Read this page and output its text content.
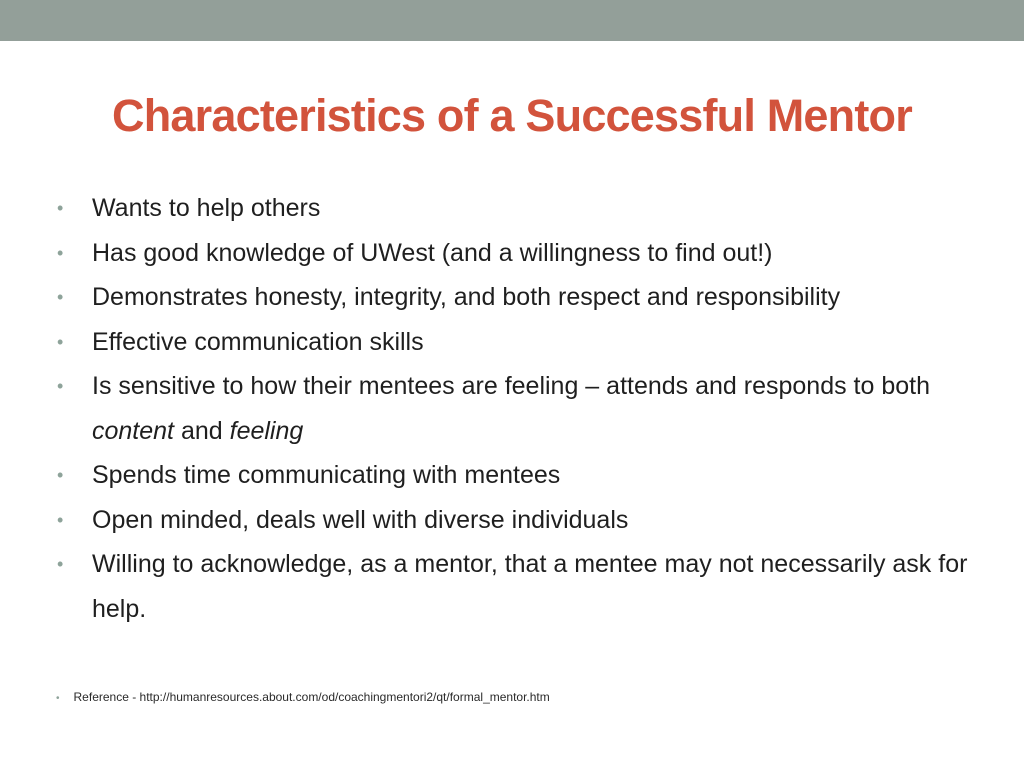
Characteristics of a Successful Mentor
• Wants to help others
• Has good knowledge of UWest (and a willingness to find out!)
• Demonstrates honesty, integrity, and both respect and responsibility
• Effective communication skills
• Is sensitive to how their mentees are feeling – attends and responds to both content and feeling
• Spends time communicating with mentees
• Open minded, deals well with diverse individuals
• Willing to acknowledge, as a mentor, that a mentee may not necessarily ask for help.
• Reference - http://humanresources.about.com/od/coachingmentori2/qt/formal_mentor.htm
